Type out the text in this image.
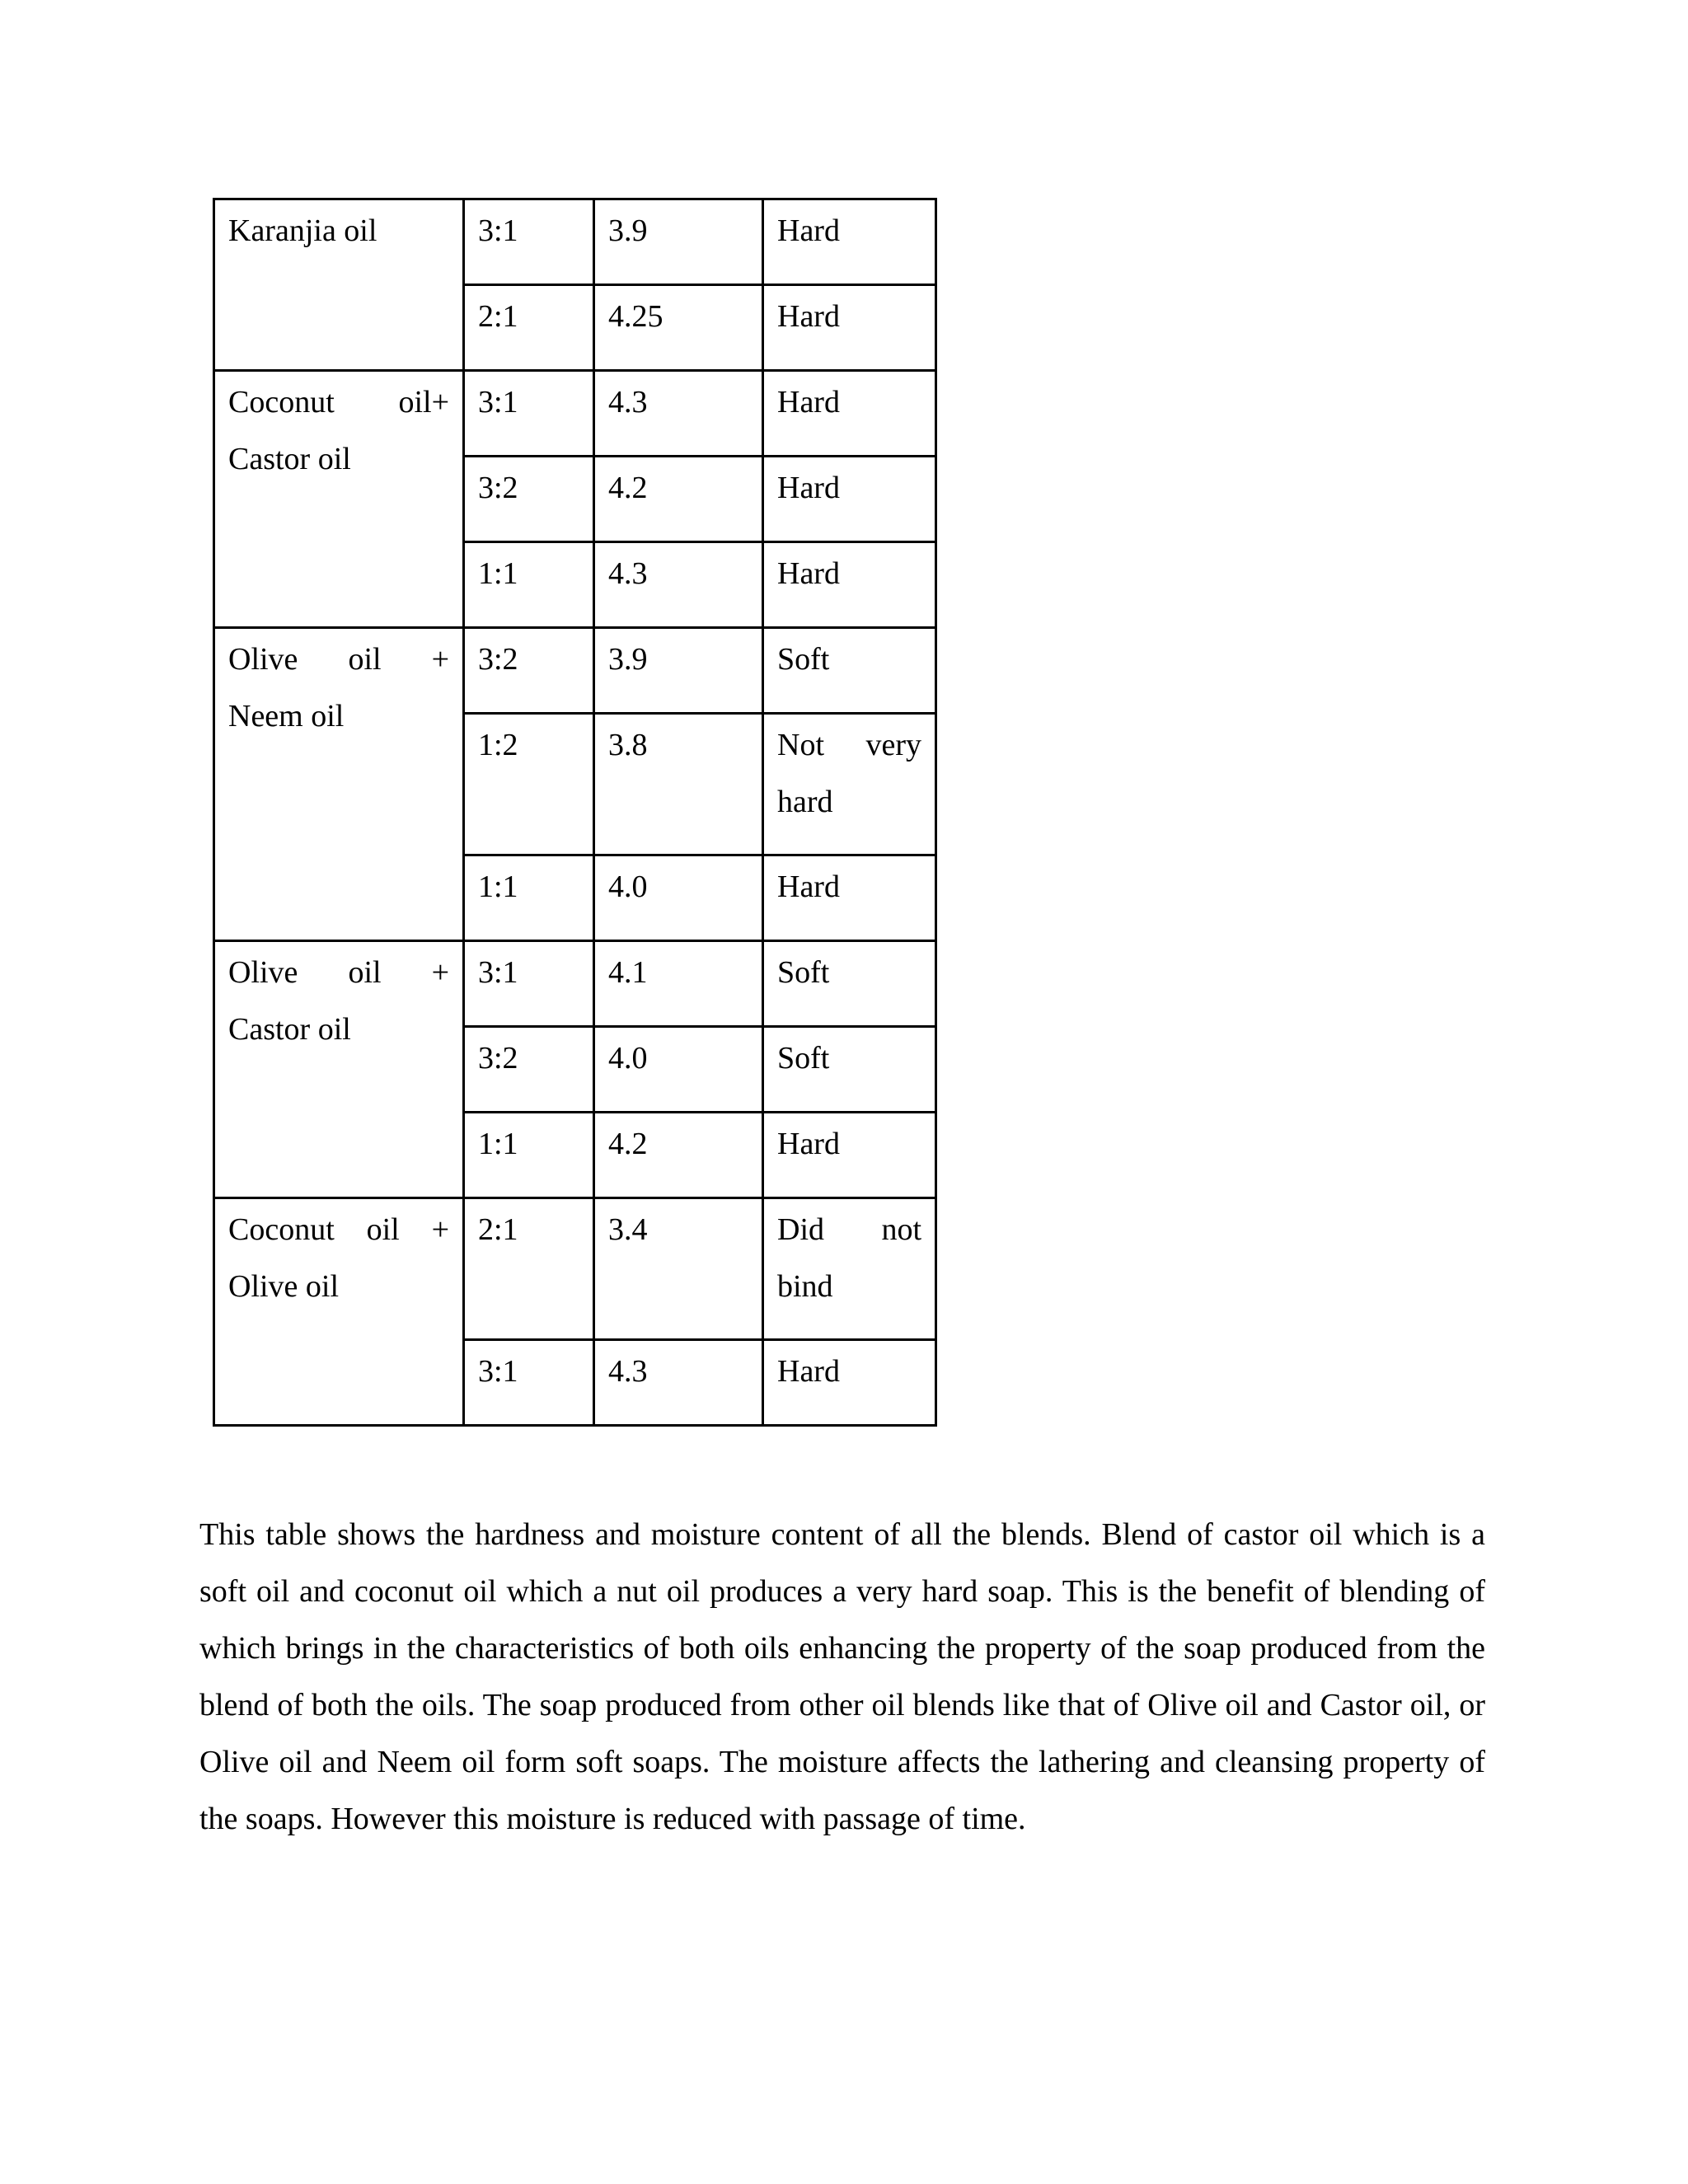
Karanjia oil	3:1	3.9	Hard

	2:1	4.25	Hard

Coconut oil+
Castor oil	3:1	4.3	Hard

	3:2	4.2	Hard

	1:1	4.3	Hard

Olive oil +
Neem oil	3:2	3.9	Soft

	1:2	3.8	Not very
hard

	1:1	4.0	Hard

Olive oil +
Castor oil	3:1	4.1	Soft

	3:2	4.0	Soft

	1:1	4.2	Hard

Coconut oil +
Olive oil	2:1	3.4	Did not
bind

	3:1	4.3	Hard

This table shows the hardness and moisture content of all the blends. Blend of castor oil which is a soft oil and coconut oil which a nut oil produces a very hard soap. This is the benefit of blending of which brings in the characteristics of both oils enhancing the property of the soap produced from the blend of both the oils. The soap produced from other oil blends like that of Olive oil and Castor oil, or Olive oil and Neem oil form soft soaps. The moisture affects the lathering and cleansing property of the soaps. However this moisture is reduced with passage of time.
